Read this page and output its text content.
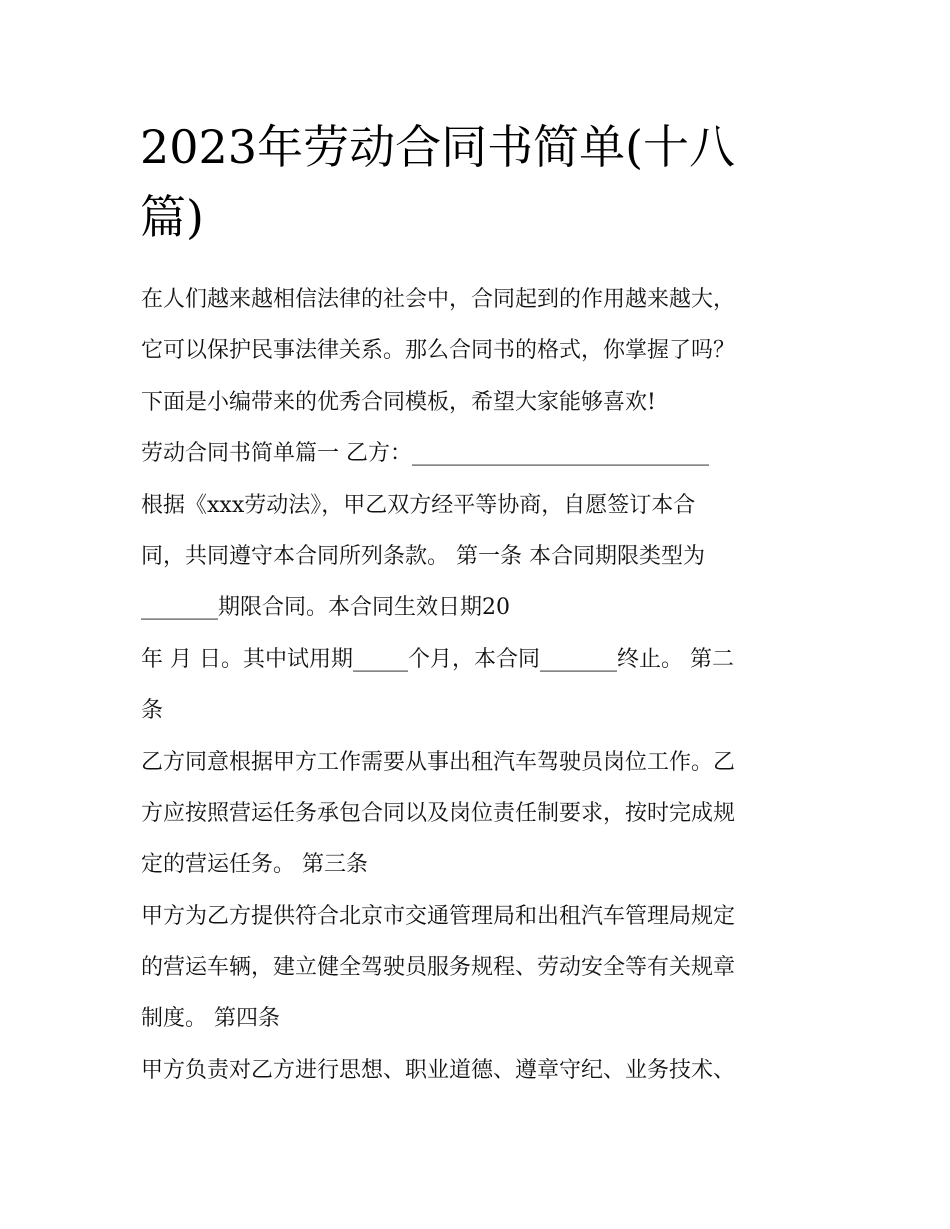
2023年劳动合同书简单(十八
篇)
在人们越来越相信法律的社会中，合同起到的作用越来越大，
它可以保护民事法律关系。那么合同书的格式，你掌握了吗？
下面是小编带来的优秀合同模板，希望大家能够喜欢!
劳动合同书简单篇一 乙方：___________________________
根据《xxx劳动法》，甲乙双方经平等协商，自愿签订本合
同，共同遵守本合同所列条款。 第一条 本合同期限类型为
_______期限合同。本合同生效日期20
年 月 日。其中试用期_____个月，本合同_______终止。 第二
条
乙方同意根据甲方工作需要从事出租汽车驾驶员岗位工作。乙
方应按照营运任务承包合同以及岗位责任制要求，按时完成规
定的营运任务。 第三条
甲方为乙方提供符合北京市交通管理局和出租汽车管理局规定
的营运车辆，建立健全驾驶员服务规程、劳动安全等有关规章
制度。 第四条
甲方负责对乙方进行思想、职业道德、遵章守纪、业务技术、
